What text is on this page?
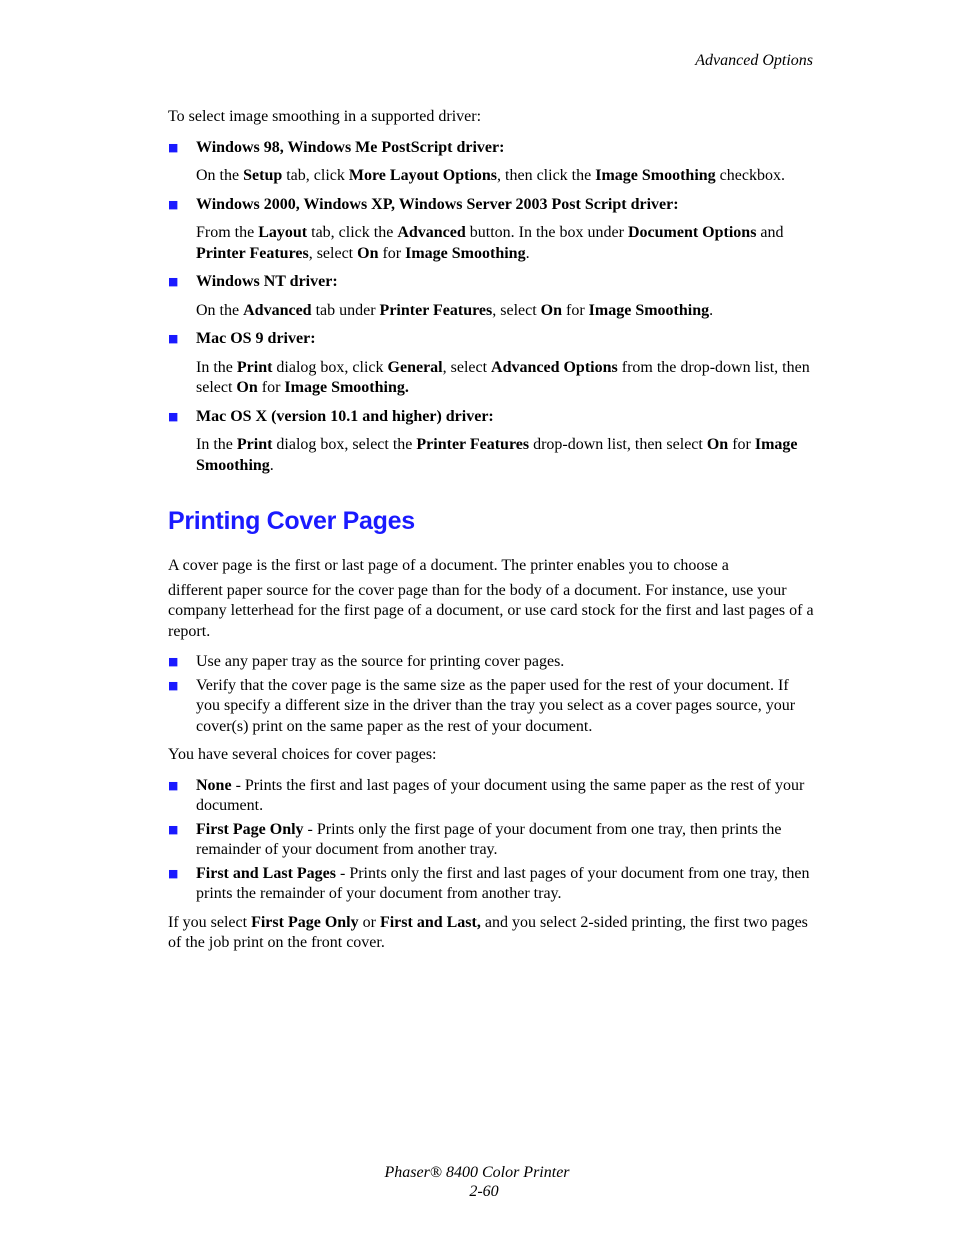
Advanced Options

To select image smoothing in a supported driver:

■ Windows 98, Windows Me PostScript driver:

On the Setup tab, click More Layout Options, then click the Image Smoothing checkbox.

■ Windows 2000, Windows XP, Windows Server 2003 Post Script driver:

From the Layout tab, click the Advanced button. In the box under Document Options and Printer Features, select On for Image Smoothing.

■ Windows NT driver:

On the Advanced tab under Printer Features, select On for Image Smoothing.

■ Mac OS 9 driver:

In the Print dialog box, click General, select Advanced Options from the drop-down list, then select On for Image Smoothing.

■ Mac OS X (version 10.1 and higher) driver:

In the Print dialog box, select the Printer Features drop-down list, then select On for Image Smoothing.

Printing Cover Pages

A cover page is the first or last page of a document. The printer enables you to choose a
different paper source for the cover page than for the body of a document. For instance, use your company letterhead for the first page of a document, or use card stock for the first and last pages of a report.

■ Use any paper tray as the source for printing cover pages.
■ Verify that the cover page is the same size as the paper used for the rest of your document. If you specify a different size in the driver than the tray you select as a cover pages source, your cover(s) print on the same paper as the rest of your document.

You have several choices for cover pages:

■ None - Prints the first and last pages of your document using the same paper as the rest of your document.
■ First Page Only - Prints only the first page of your document from one tray, then prints the remainder of your document from another tray.
■ First and Last Pages - Prints only the first and last pages of your document from one tray, then prints the remainder of your document from another tray.

If you select First Page Only or First and Last, and you select 2-sided printing, the first two pages of the job print on the front cover.

Phaser® 8400 Color Printer
2-60
